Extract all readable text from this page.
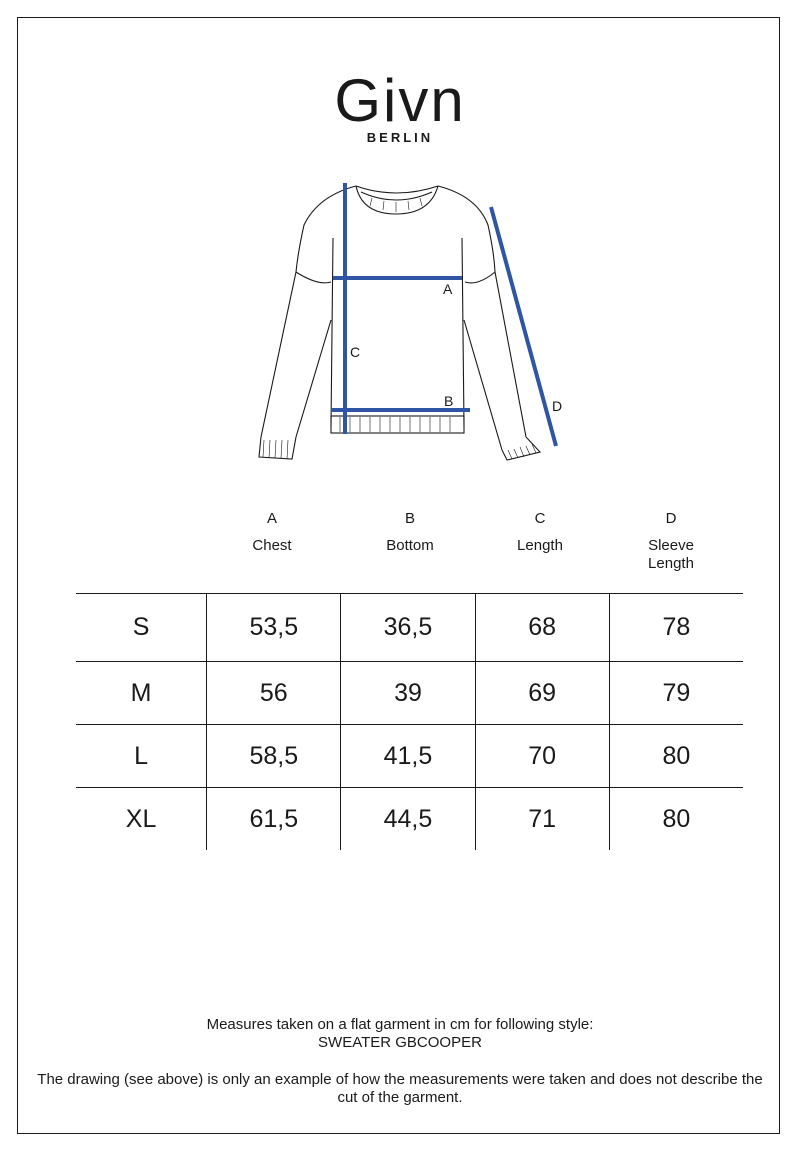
Givn
BERLIN
A
B
C
D
A
Chest
B
Bottom
C
Length
D
Sleeve Length
S	53,5	36,5	68	78
M	56	39	69	79
L	58,5	41,5	70	80
XL	61,5	44,5	71	80
Measures taken on a flat garment in cm for following style:
SWEATER GBCOOPER
The drawing (see above) is only an example of how the measurements were taken and does not describe the cut of the garment.
